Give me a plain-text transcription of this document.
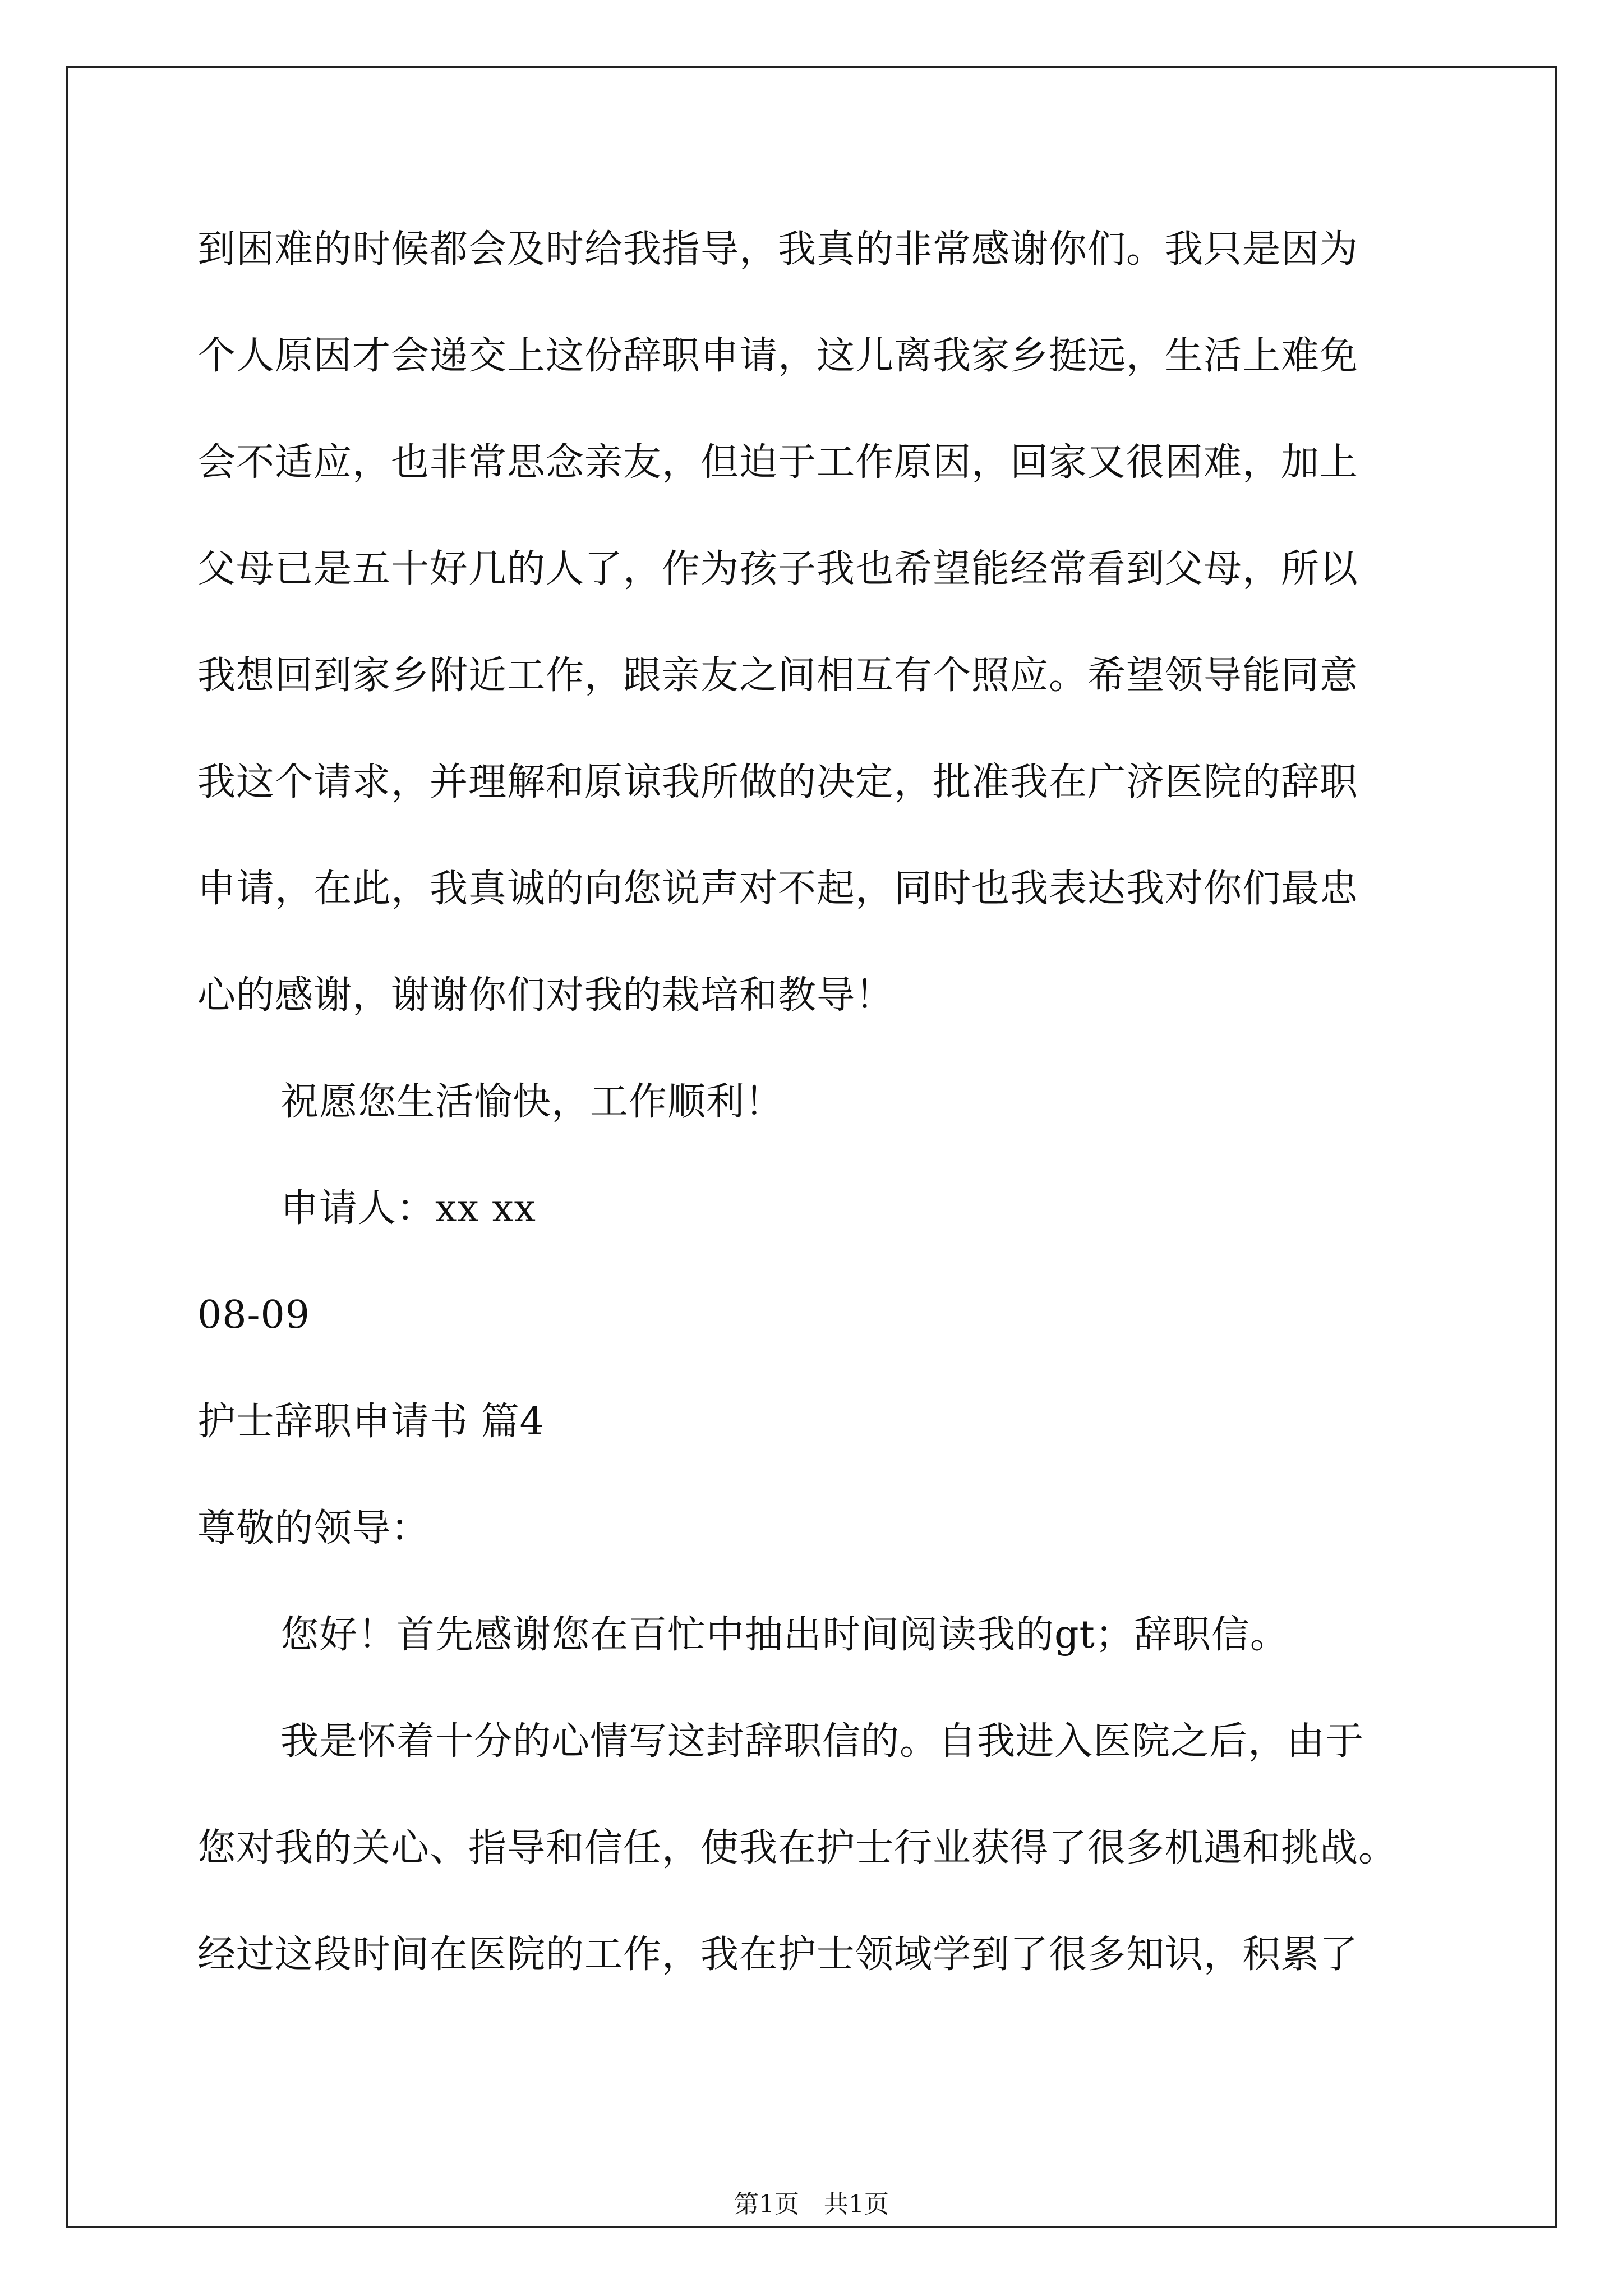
到困难的时候都会及时给我指导，我真的非常感谢你们。我只是因为
个人原因才会递交上这份辞职申请，这儿离我家乡挺远，生活上难免
会不适应，也非常思念亲友，但迫于工作原因，回家又很困难，加上
父母已是五十好几的人了，作为孩子我也希望能经常看到父母，所以
我想回到家乡附近工作，跟亲友之间相互有个照应。希望领导能同意
我这个请求，并理解和原谅我所做的决定，批准我在广济医院的辞职
申请，在此，我真诚的向您说声对不起，同时也我表达我对你们最忠
心的感谢，谢谢你们对我的栽培和教导！
祝愿您生活愉快，工作顺利！
申请人：xx xx
08-09
护士辞职申请书 篇4
尊敬的领导：
您好！首先感谢您在百忙中抽出时间阅读我的gt；辞职信。
我是怀着十分的心情写这封辞职信的。自我进入医院之后，由于
您对我的关心、指导和信任，使我在护士行业获得了很多机遇和挑战。
经过这段时间在医院的工作，我在护士领域学到了很多知识，积累了
第1页　共1页
